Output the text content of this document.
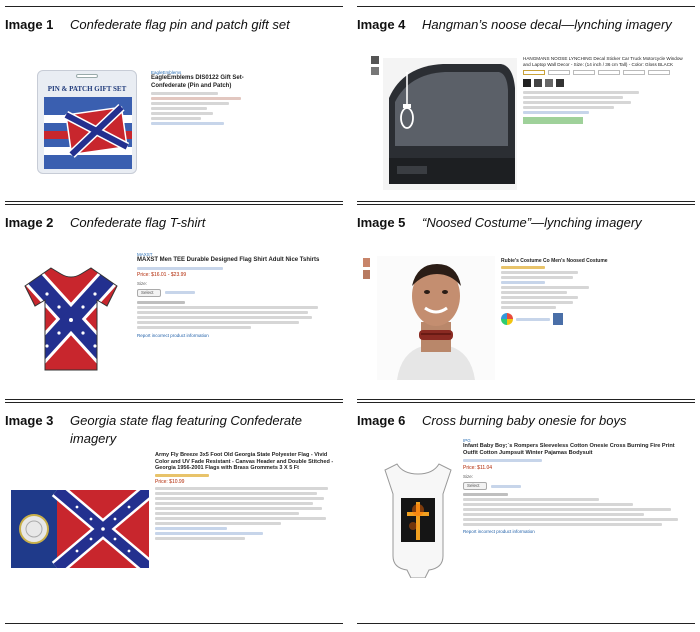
Image 1 Confederate flag pin and patch gift set
PIN & PATCH GIFT SET
EagleEmblems
EagleEmblems DIS0122 Gift Set-Confederate (Pin and Patch)
Image 2 Confederate flag T-shirt
MAXST
MAXST Men TEE Durable Designed Flag Shirt Adult Nice Tshirts
Price: $16.01 - $23.99
Size:
Select
Report incorrect product information
Image 3 Georgia state flag featuring Confederate imagery
Army Fly Breeze 3x5 Foot Old Georgia State Polyester Flag - Vivid Color and UV Fade Resistant - Canvas Header and Double Stitched - Georgia 1956-2001 Flags with Brass Grommets 3 X 5 Ft
Price: $10.99
Image 4 Hangman’s noose decal—lynching imagery
HANGMANS NOOSE LYNCHING Decal Sticker Car Truck Motorcycle Window and Laptop Wall Decor - Size: (14 inch / 36 cm Tall) - Color: Gloss BLACK
Image 5 “Noosed Costume”—lynching imagery
Rubie's Costume Co Men's Noosed Costume
Image 6 Cross burning baby onesie for boys
IPG
Infant Baby Boy;`s Rompers Sleeveless Cotton Onesie Cross Burning Fire Print Outfit Cotton Jumpsuit Winter Pajamas Bodysuit
Price: $11.04
Size:
Select
Report incorrect product information
